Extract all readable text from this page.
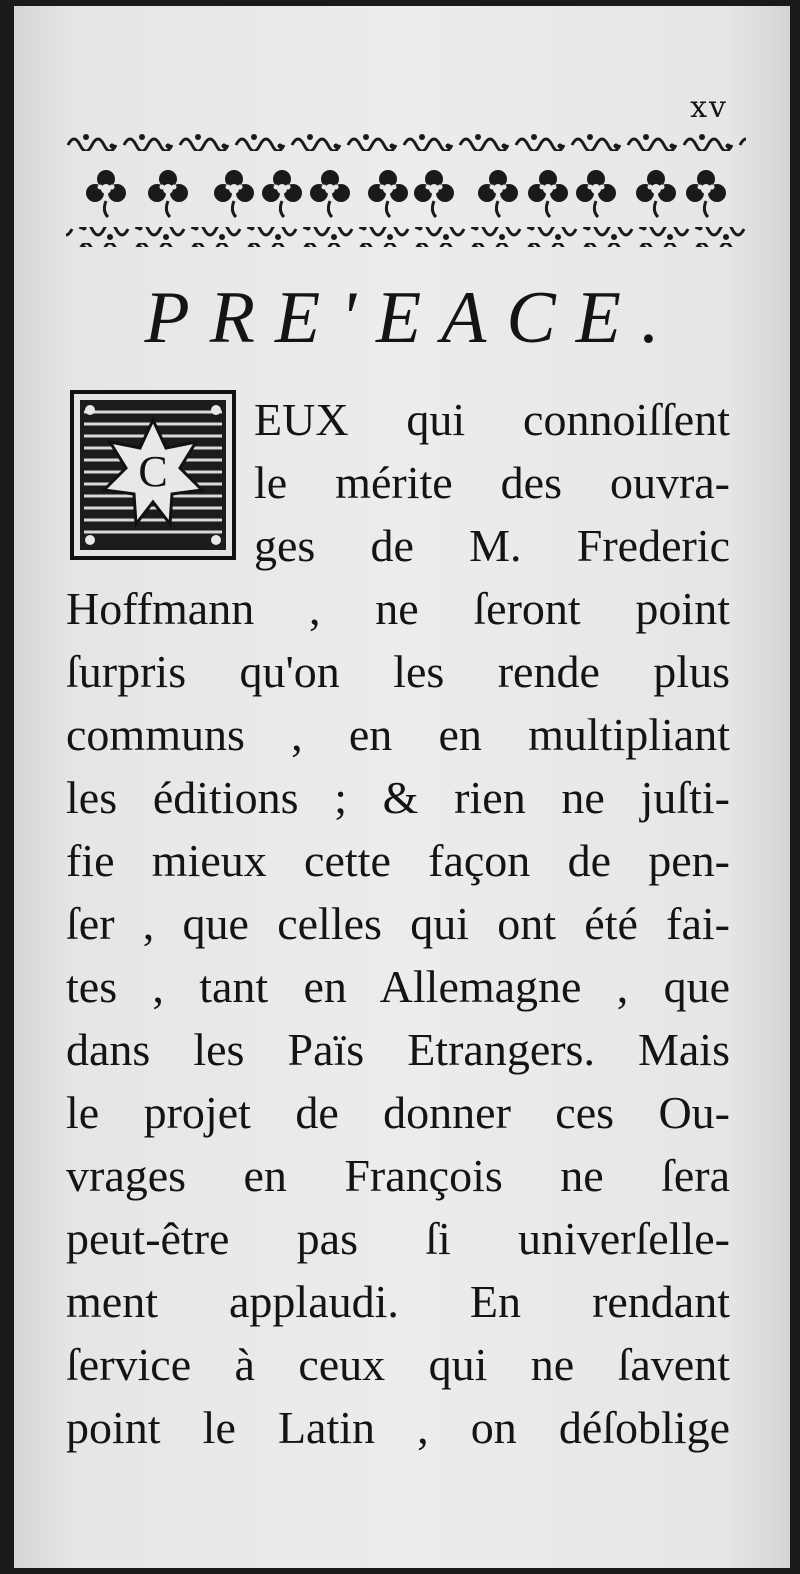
xv
PRE'EACE.
C
EUX qui connoiſſent
le mérite des ouvra-
ges de M. Frederic
Hoffmann , ne ſeront point
ſurpris qu'on les rende plus
communs , en en multipliant
les éditions ; & rien ne juſti-
fie mieux cette façon de pen-
ſer , que celles qui ont été fai-
tes , tant en Allemagne , que
dans les Païs Etrangers. Mais
le projet de donner ces Ou-
vrages en François ne ſera
peut-être pas ſi univerſelle-
ment applaudi. En rendant
ſervice à ceux qui ne ſavent
point le Latin , on déſoblige
